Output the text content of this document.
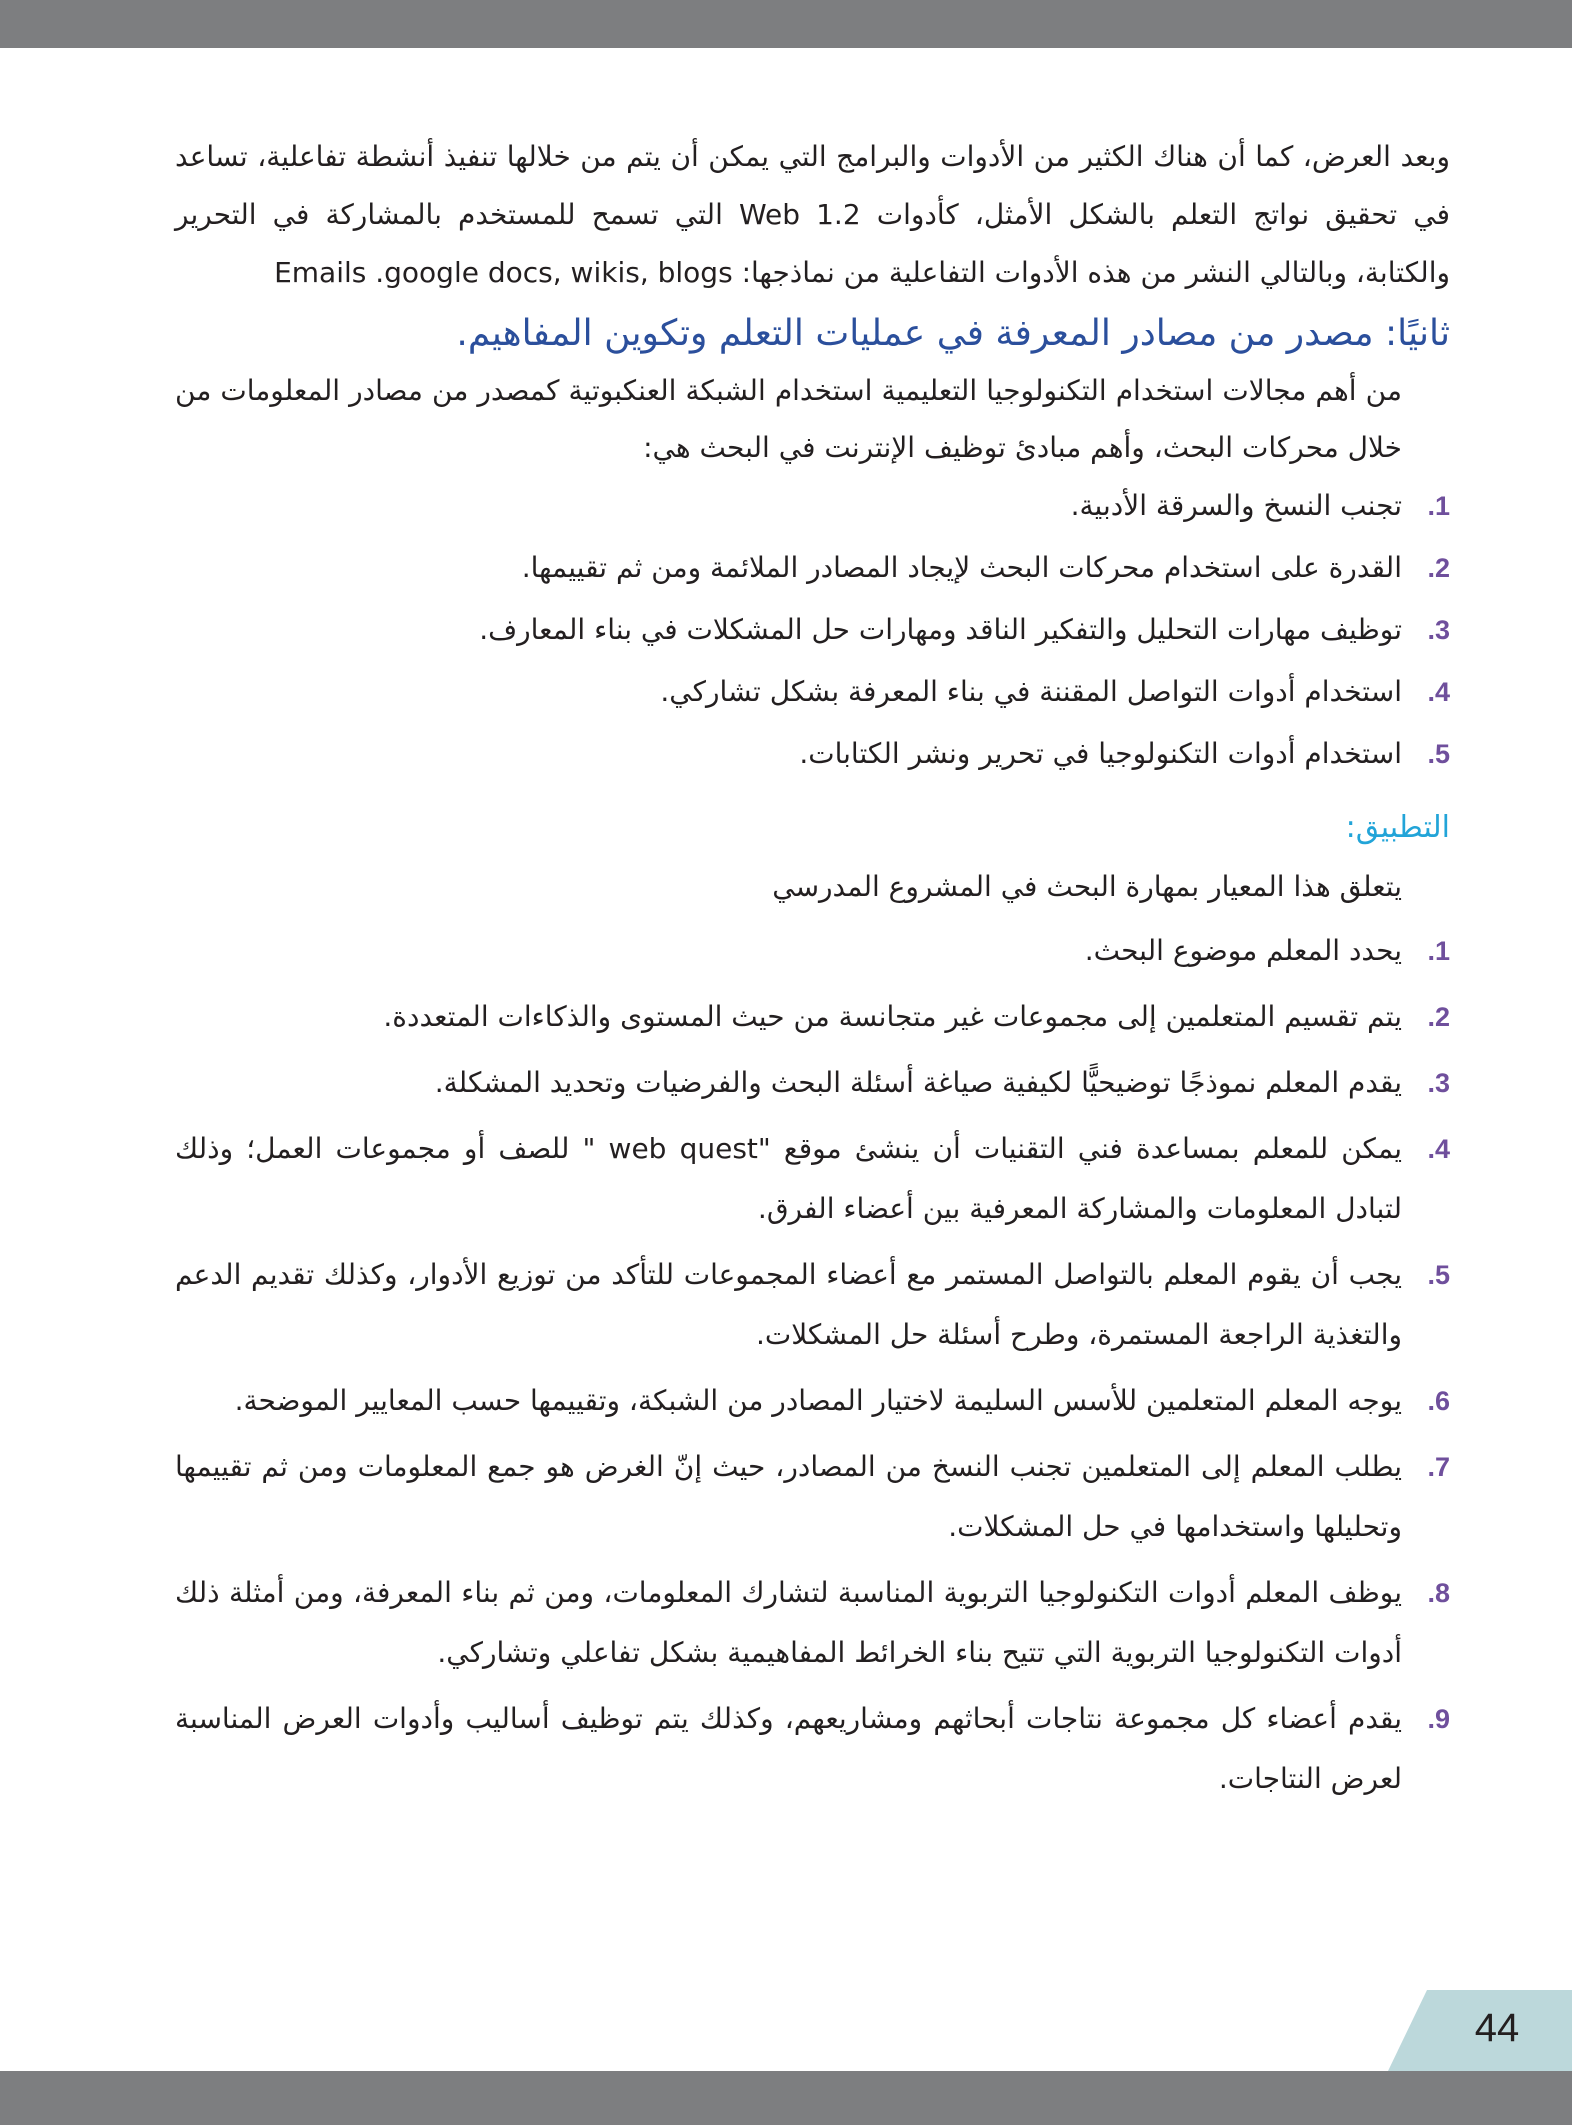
وبعد العرض، كما أن هناك الكثير من الأدوات والبرامج التي يمكن أن يتم من خلالها تنفيذ أنشطة تفاعلية، تساعد في تحقيق نواتج التعلم بالشكل الأمثل، كأدوات Web 1.2 التي تسمح للمستخدم بالمشاركة في التحرير والكتابة، وبالتالي النشر من هذه الأدوات التفاعلية من نماذجها: Emails .google docs, wikis, blogs

ثانيًا: مصدر من مصادر المعرفة في عمليات التعلم وتكوين المفاهيم.

من أهم مجالات استخدام التكنولوجيا التعليمية استخدام الشبكة العنكبوتية كمصدر من مصادر المعلومات من خلال محركات البحث، وأهم مبادئ توظيف الإنترنت في البحث هي:

1.
تجنب النسخ والسرقة الأدبية.
2.
القدرة على استخدام محركات البحث لإيجاد المصادر الملائمة ومن ثم تقييمها.
3.
توظيف مهارات التحليل والتفكير الناقد ومهارات حل المشكلات في بناء المعارف.
4.
استخدام أدوات التواصل المقننة في بناء المعرفة بشكل تشاركي.
5.
استخدام أدوات التكنولوجيا في تحرير ونشر الكتابات.

التطبيق:

يتعلق هذا المعيار بمهارة البحث في المشروع المدرسي

1.
يحدد المعلم موضوع البحث.
2.
يتم تقسيم المتعلمين إلى مجموعات غير متجانسة من حيث المستوى والذكاءات المتعددة.
3.
يقدم المعلم نموذجًا توضيحيًّا لكيفية صياغة أسئلة البحث والفرضيات وتحديد المشكلة.
4.
يمكن للمعلم بمساعدة فني التقنيات أن ينشئ موقع "web quest " للصف أو مجموعات العمل؛ وذلك لتبادل المعلومات والمشاركة المعرفية بين أعضاء الفرق.
5.
يجب أن يقوم المعلم بالتواصل المستمر مع أعضاء المجموعات للتأكد من توزيع الأدوار، وكذلك تقديم الدعم والتغذية الراجعة المستمرة، وطرح أسئلة حل المشكلات.
6.
يوجه المعلم المتعلمين للأسس السليمة لاختيار المصادر من الشبكة، وتقييمها حسب المعايير الموضحة.
7.
يطلب المعلم إلى المتعلمين تجنب النسخ من المصادر، حيث إنّ الغرض هو جمع المعلومات ومن ثم تقييمها وتحليلها واستخدامها في حل المشكلات.
8.
يوظف المعلم أدوات التكنولوجيا التربوية المناسبة لتشارك المعلومات، ومن ثم بناء المعرفة، ومن أمثلة ذلك أدوات التكنولوجيا التربوية التي تتيح بناء الخرائط المفاهيمية بشكل تفاعلي وتشاركي.
9.
يقدم أعضاء كل مجموعة نتاجات أبحاثهم ومشاريعهم، وكذلك يتم توظيف أساليب وأدوات العرض المناسبة لعرض النتاجات.
44
